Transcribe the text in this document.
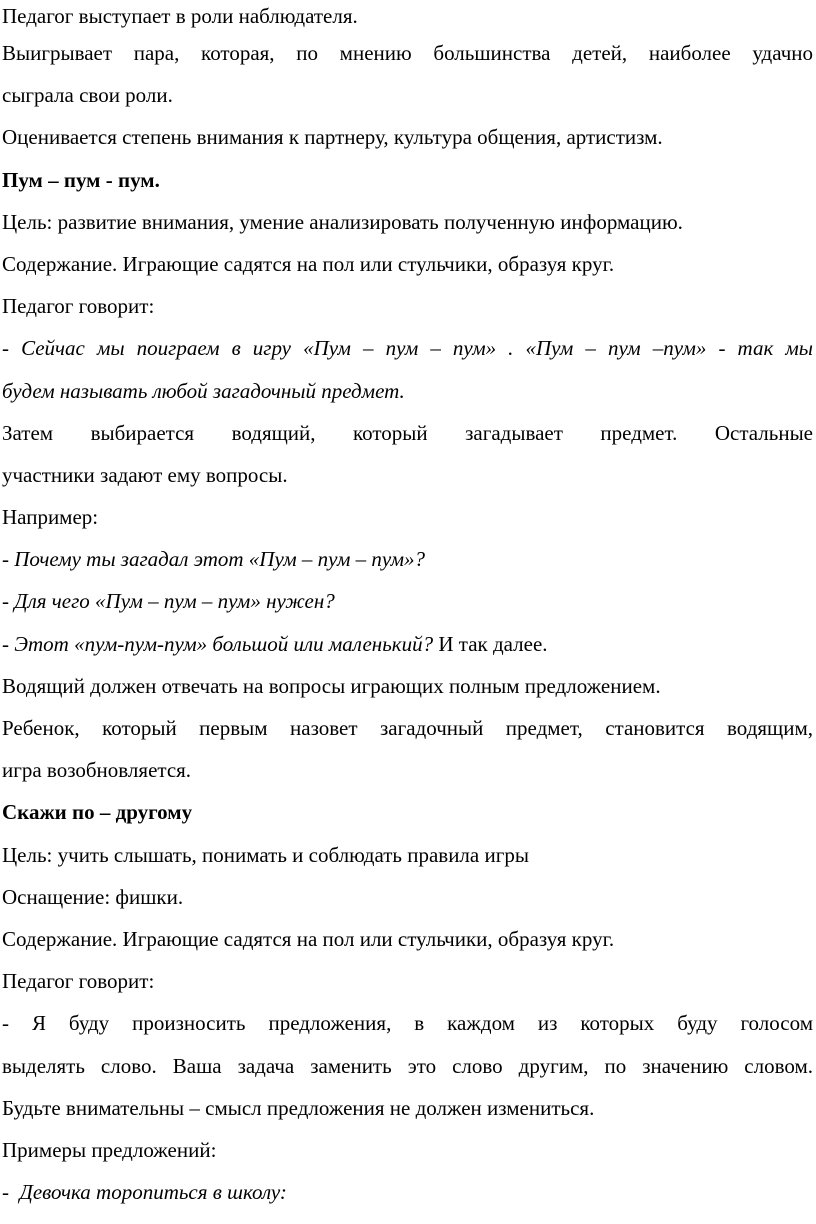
Педагог выступает в роли наблюдателя.
Выигрывает пара, которая, по мнению большинства детей, наиболее удачно
сыграла свои роли.
Оценивается степень внимания к партнеру, культура общения, артистизм.
Пум – пум - пум.
Цель: развитие внимания, умение анализировать полученную информацию.
Содержание. Играющие садятся на пол или стульчики, образуя круг.
Педагог говорит:
- Сейчас мы поиграем в игру «Пум – пум – пум» . «Пум – пум –пум» - так мы
будем называть любой загадочный предмет.
Затем выбирается водящий, который загадывает предмет. Остальные
участники задают ему вопросы.
Например:
- Почему ты загадал этот «Пум – пум – пум»?
- Для чего «Пум – пум – пум» нужен?
- Этот «пум-пум-пум» большой или маленький? И так далее.
Водящий должен отвечать на вопросы играющих полным предложением.
Ребенок, который первым назовет загадочный предмет, становится водящим,
игра возобновляется.
Скажи по – другому
Цель: учить слышать, понимать и соблюдать правила игры
Оснащение: фишки.
Содержание. Играющие садятся на пол или стульчики, образуя круг.
Педагог говорит:
- Я буду произносить предложения, в каждом из которых буду голосом
выделять слово. Ваша задача заменить это слово другим, по значению словом.
Будьте внимательны – смысл предложения не должен измениться.
Примеры предложений:
-  Девочка торопиться в школу:
